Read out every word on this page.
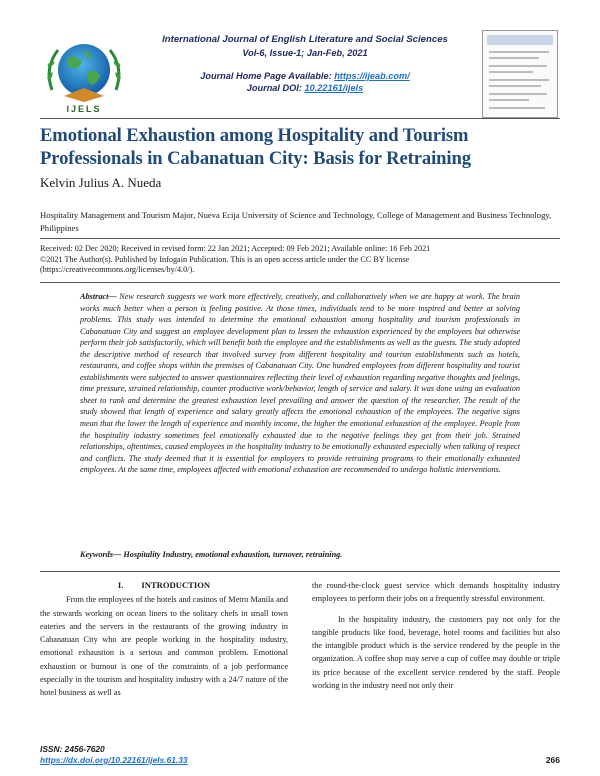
IJELS
International Journal of English Literature and Social Sciences
Vol-6, Issue-1; Jan-Feb, 2021
Journal Home Page Available: https://ijeab.com/
Journal DOI: 10.22161/ijels
Emotional Exhaustion among Hospitality and Tourism Professionals in Cabanatuan City: Basis for Retraining
Kelvin Julius A. Nueda
Hospitality Management and Tourism Major, Nueva Ecija University of Science and Technology, College of Management and Business Technology, Philippines
Received: 02 Dec 2020; Received in revised form: 22 Jan 2021; Accepted: 09 Feb 2021; Available online: 16 Feb 2021
©2021 The Author(s). Published by Infogain Publication. This is an open access article under the CC BY license
(https://creativecommons.org/licenses/by/4.0/).
Abstract— New research suggests we work more effectively, creatively, and collaboratively when we are happy at work. The brain works much better when a person is feeling positive. At those times, individuals tend to be more inspired and better at solving problems. This study was intended to determine the emotional exhaustion among hospitality and tourism professionals in Cabanatuan City and suggest an employee development plan to lessen the exhaustion experienced by the employees but otherwise perform their job satisfactorily, which will benefit both the employee and the establishments as well as the guests. The study adopted the descriptive method of research that involved survey from different hospitality and tourism establishments such as hotels, restaurants, and coffee shops within the premises of Cabanatuan City. One hundred employees from different hospitality and tourist establishments were subjected to answer questionnaires reflecting their level of exhaustion regarding negative thoughts and feelings, time pressure, strained relationship, counter productive work/behavior, length of service and salary. It was done using an evaluation sheet to rank and determine the greatest exhaustion level prevailing and answer the question of the researcher. The result of the study showed that length of experience and salary greatly affects the emotional exhaustion of the employees. The negative signs mean that the lower the length of experience and monthly income, the higher the emotional exhaustion of the employee. People from the hospitality industry sometimes feel emotionally exhausted due to the negative feelings they get from their job. Strained relationships, oftentimes, caused employees in the hospitality industry to be emotionally exhausted especially when talking of respect and conflicts. The study deemed that it is essential for employers to provide retraining programs to their emotionally exhausted employees. At the same time, employees affected with emotional exhaustion are recommended to undergo holistic interventions.
Keywords— Hospitality Industry, emotional exhaustion, turnover, retraining.
I. INTRODUCTION

From the employees of the hotels and casinos of Metro Manila and the stewards working on ocean liners to the solitary chefs in small town eateries and the servers in the restaurants of the growing industry in Cabanatuan City who are people working in the hospitality industry, emotional exhaustion is a serious and common problem. Emotional exhaustion or burnout is one of the constraints of a job performance especially in the tourism and hospitality industry with a 24/7 nature of the hotel business as well as

the round-the-clock guest service which demands hospitality industry employees to perform their jobs on a frequently stressful environment.

In the hospitality industry, the customers pay not only for the tangible products like food, beverage, hotel rooms and facilities but also the intangible product which is the service rendered by the people in the organization. A coffee shop may serve a cup of coffee may double or triple its price because of the excellent service rendered by the staff. People working in the industry need not only their

ISSN: 2456-7620
https://dx.doi.org/10.22161/ijels.61.33	266
